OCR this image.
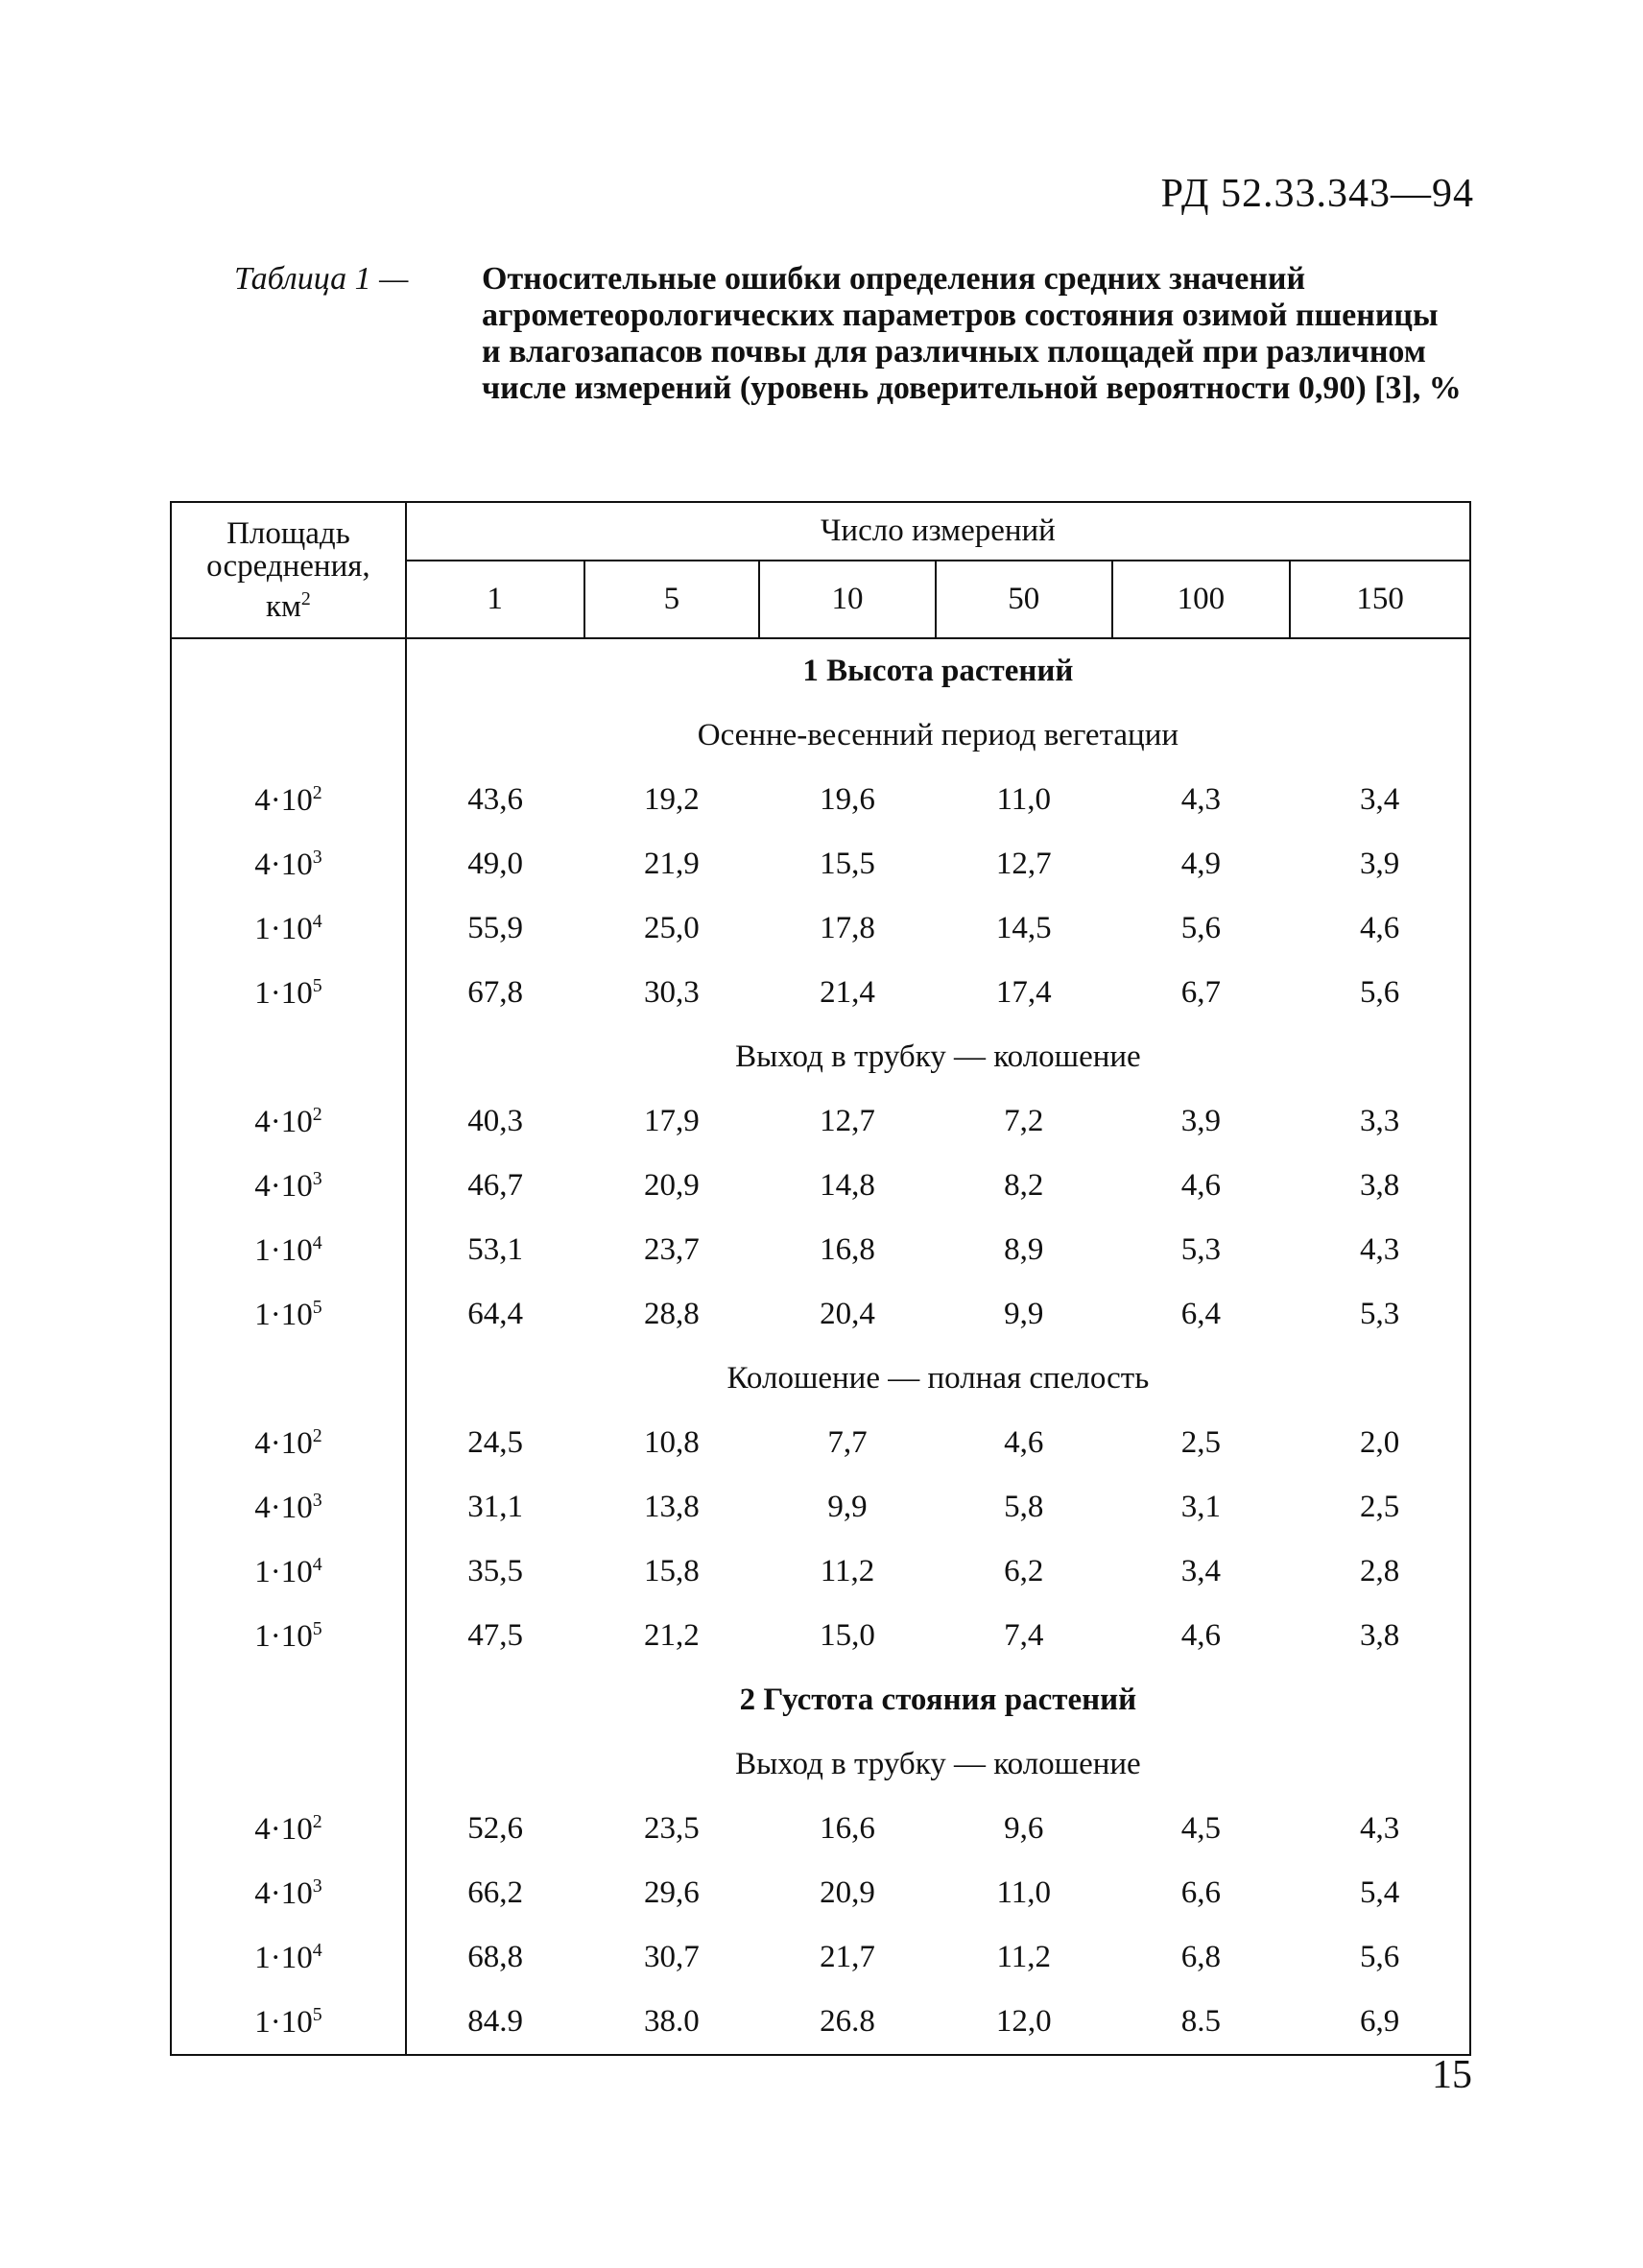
РД 52.33.343—94
Таблица 1 —	Относительные ошибки определения средних значений агрометеорологических параметров состояния озимой пшеницы и влагозапасов почвы для различных площадей при различном числе измерений (уровень доверительной вероятности 0,90) [3], %
Площадь
осреднения,
$км^2$	Число измерений					
	1	5	10	50	100	150
	1 Высота растений					
	Осенне-весенний период вегетации					
$4\cdot 10^2$	43,6	19,2	19,6	11,0	4,3	3,4
$4\cdot 10^3$	49,0	21,9	15,5	12,7	4,9	3,9
$1\cdot 10^4$	55,9	25,0	17,8	14,5	5,6	4,6
$1\cdot 10^5$	67,8	30,3	21,4	17,4	6,7	5,6
	Выход в трубку — колошение					
$4\cdot 10^2$	40,3	17,9	12,7	7,2	3,9	3,3
$4\cdot 10^3$	46,7	20,9	14,8	8,2	4,6	3,8
$1\cdot 10^4$	53,1	23,7	16,8	8,9	5,3	4,3
$1\cdot 10^5$	64,4	28,8	20,4	9,9	6,4	5,3
	Колошение — полная спелость					
$4\cdot 10^2$	24,5	10,8	7,7	4,6	2,5	2,0
$4\cdot 10^3$	31,1	13,8	9,9	5,8	3,1	2,5
$1\cdot 10^4$	35,5	15,8	11,2	6,2	3,4	2,8
$1\cdot 10^5$	47,5	21,2	15,0	7,4	4,6	3,8
	2 Густота стояния растений					
	Выход в трубку — колошение					
$4\cdot 10^2$	52,6	23,5	16,6	9,6	4,5	4,3
$4\cdot 10^3$	66,2	29,6	20,9	11,0	6,6	5,4
$1\cdot 10^4$	68,8	30,7	21,7	11,2	6,8	5,6
$1\cdot 10^5$	84.9	38.0	26.8	12,0	8.5	6,9
15
